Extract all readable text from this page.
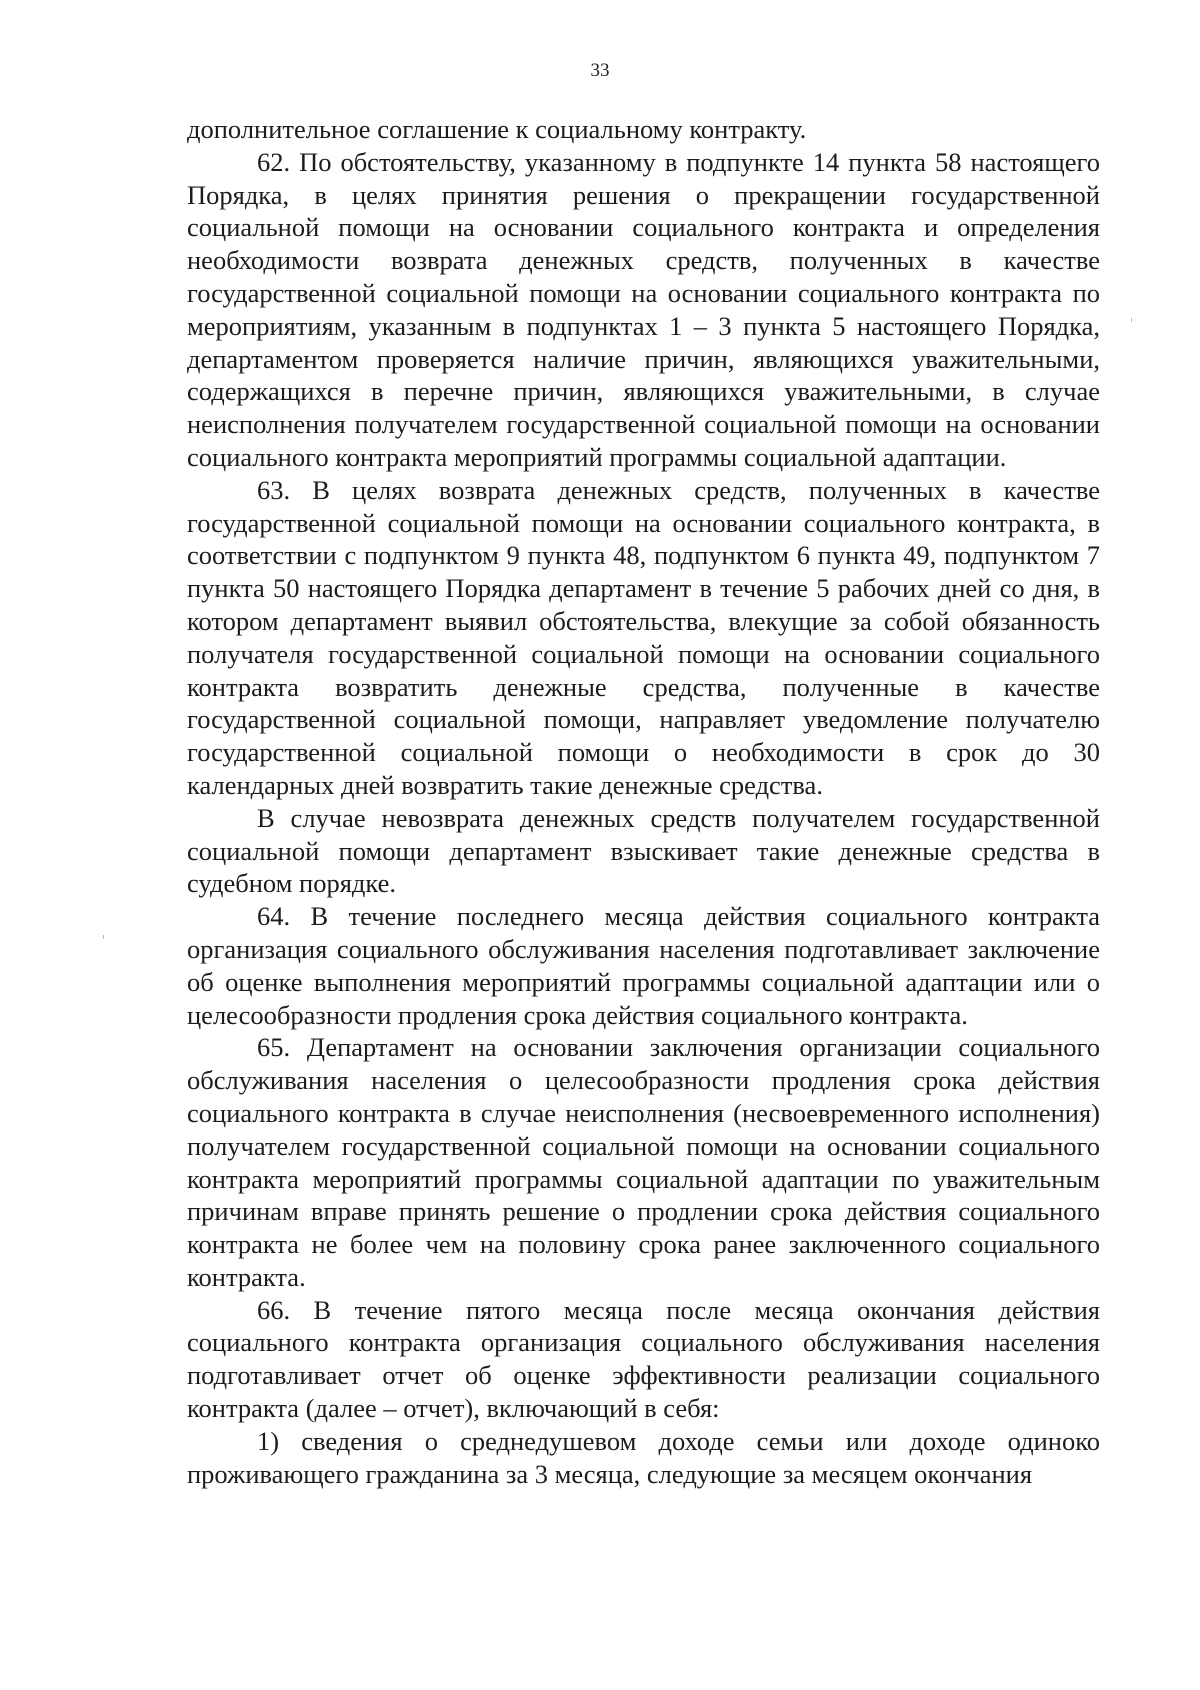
33

дополнительное соглашение к социальному контракту.

62. По обстоятельству, указанному в подпункте 14 пункта 58 настоящего Порядка, в целях принятия решения о прекращении государственной социальной помощи на основании социального контракта и определения необходимости возврата денежных средств, полученных в качестве государственной социальной помощи на основании социального контракта по мероприятиям, указанным в подпунктах 1 – 3 пункта 5 настоящего Порядка, департаментом проверяется наличие причин, являющихся уважительными, содержащихся в перечне причин, являющихся уважительными, в случае неисполнения получателем государственной социальной помощи на основании социального контракта мероприятий программы социальной адаптации.

63. В целях возврата денежных средств, полученных в качестве государственной социальной помощи на основании социального контракта, в соответствии с подпунктом 9 пункта 48, подпунктом 6 пункта 49, подпунктом 7 пункта 50 настоящего Порядка департамент в течение 5 рабочих дней со дня, в котором департамент выявил обстоятельства, влекущие за собой обязанность получателя государственной социальной помощи на основании социального контракта возвратить денежные средства, полученные в качестве государственной социальной помощи, направляет уведомление получателю государственной социальной помощи о необходимости в срок до 30 календарных дней возвратить такие денежные средства.

В случае невозврата денежных средств получателем государственной социальной помощи департамент взыскивает такие денежные средства в судебном порядке.

64. В течение последнего месяца действия социального контракта организация социального обслуживания населения подготавливает заключение об оценке выполнения мероприятий программы социальной адаптации или о целесообразности продления срока действия социального контракта.

65. Департамент на основании заключения организации социального обслуживания населения о целесообразности продления срока действия социального контракта в случае неисполнения (несвоевременного исполнения) получателем государственной социальной помощи на основании социального контракта мероприятий программы социальной адаптации по уважительным причинам вправе принять решение о продлении срока действия социального контракта не более чем на половину срока ранее заключенного социального контракта.

66. В течение пятого месяца после месяца окончания действия социального контракта организация социального обслуживания населения подготавливает отчет об оценке эффективности реализации социального контракта (далее – отчет), включающий в себя:

1) сведения о среднедушевом доходе семьи или доходе одиноко проживающего гражданина за 3 месяца, следующие за месяцем окончания
